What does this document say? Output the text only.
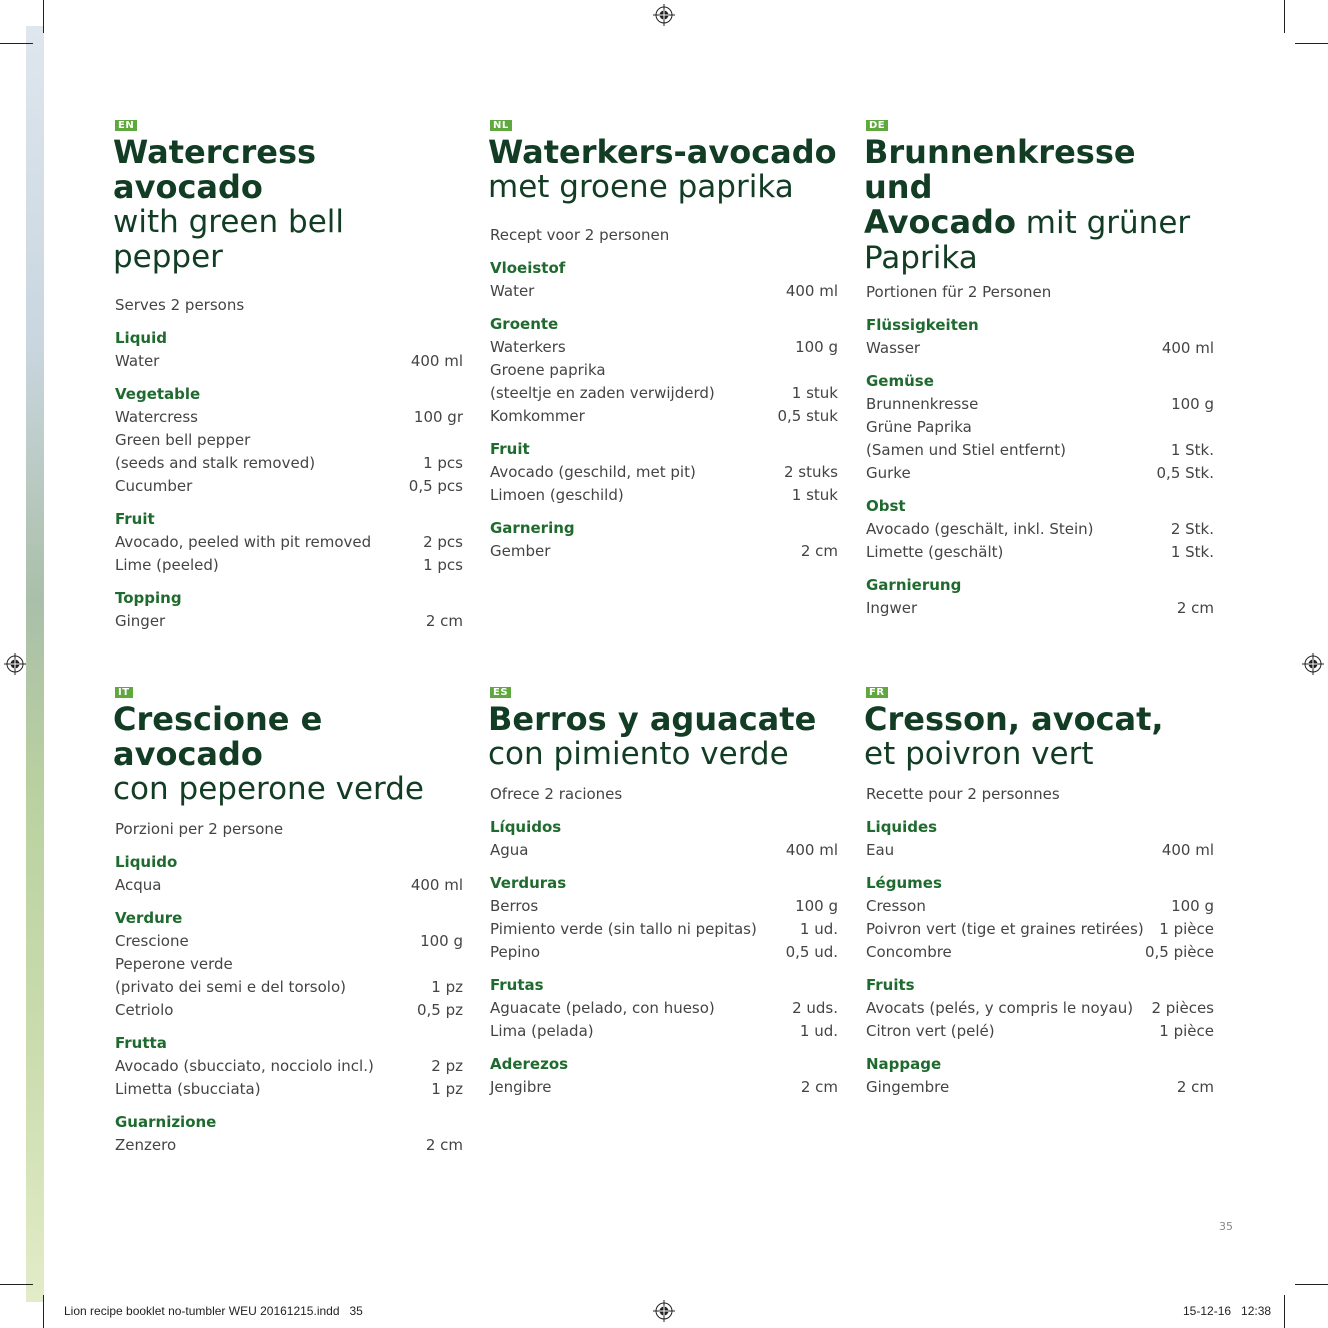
EN
Watercress avocado
with green bell pepper
Serves 2 persons
Liquid
Water	400 ml
Vegetable
Watercress	100 gr
Green bell pepper
(seeds and stalk removed)	1 pcs
Cucumber	0,5 pcs
Fruit
Avocado, peeled with pit removed	2 pcs
Lime (peeled)	1 pcs
Topping
Ginger	2 cm
NL
Waterkers-avocado
met groene paprika
Recept voor 2 personen
Vloeistof
Water	400 ml
Groente
Waterkers	100 g
Groene paprika
(steeltje en zaden verwijderd)	1 stuk
Komkommer	0,5 stuk
Fruit
Avocado (geschild, met pit)	2 stuks
Limoen (geschild)	1 stuk
Garnering
Gember	2 cm
DE
Brunnenkresse und
Avocado mit grüner
Paprika
Portionen für 2 Personen
Flüssigkeiten
Wasser	400 ml
Gemüse
Brunnenkresse	100 g
Grüne Paprika
(Samen und Stiel entfernt)	1 Stk.
Gurke	0,5 Stk.
Obst
Avocado (geschält, inkl. Stein)	2 Stk.
Limette (geschält)	1 Stk.
Garnierung
Ingwer	2 cm
IT
Crescione e avocado
con peperone verde
Porzioni per 2 persone
Liquido
Acqua	400 ml
Verdure
Crescione	100 g
Peperone verde
(privato dei semi e del torsolo)	1 pz
Cetriolo	0,5 pz
Frutta
Avocado (sbucciato, nocciolo incl.)	2 pz
Limetta (sbucciata)	1 pz
Guarnizione
Zenzero	2 cm
ES
Berros y aguacate
con pimiento verde
Ofrece 2 raciones
Líquidos
Agua	400 ml
Verduras
Berros	100 g
Pimiento verde (sin tallo ni pepitas)	1 ud.
Pepino	0,5 ud.
Frutas
Aguacate (pelado, con hueso)	2 uds.
Lima (pelada)	1 ud.
Aderezos
Jengibre	2 cm
FR
Cresson, avocat,
et poivron vert
Recette pour 2 personnes
Liquides
Eau	400 ml
Légumes
Cresson	100 g
Poivron vert (tige et graines retirées) 1 pièce
Concombre	0,5 pièce
Fruits
Avocats (pelés, y compris le noyau) 2 pièces
Citron vert (pelé)	1 pièce
Nappage
Gingembre	2 cm
35
Lion recipe booklet no-tumbler WEU 20161215.indd   35	15-12-16   12:38
